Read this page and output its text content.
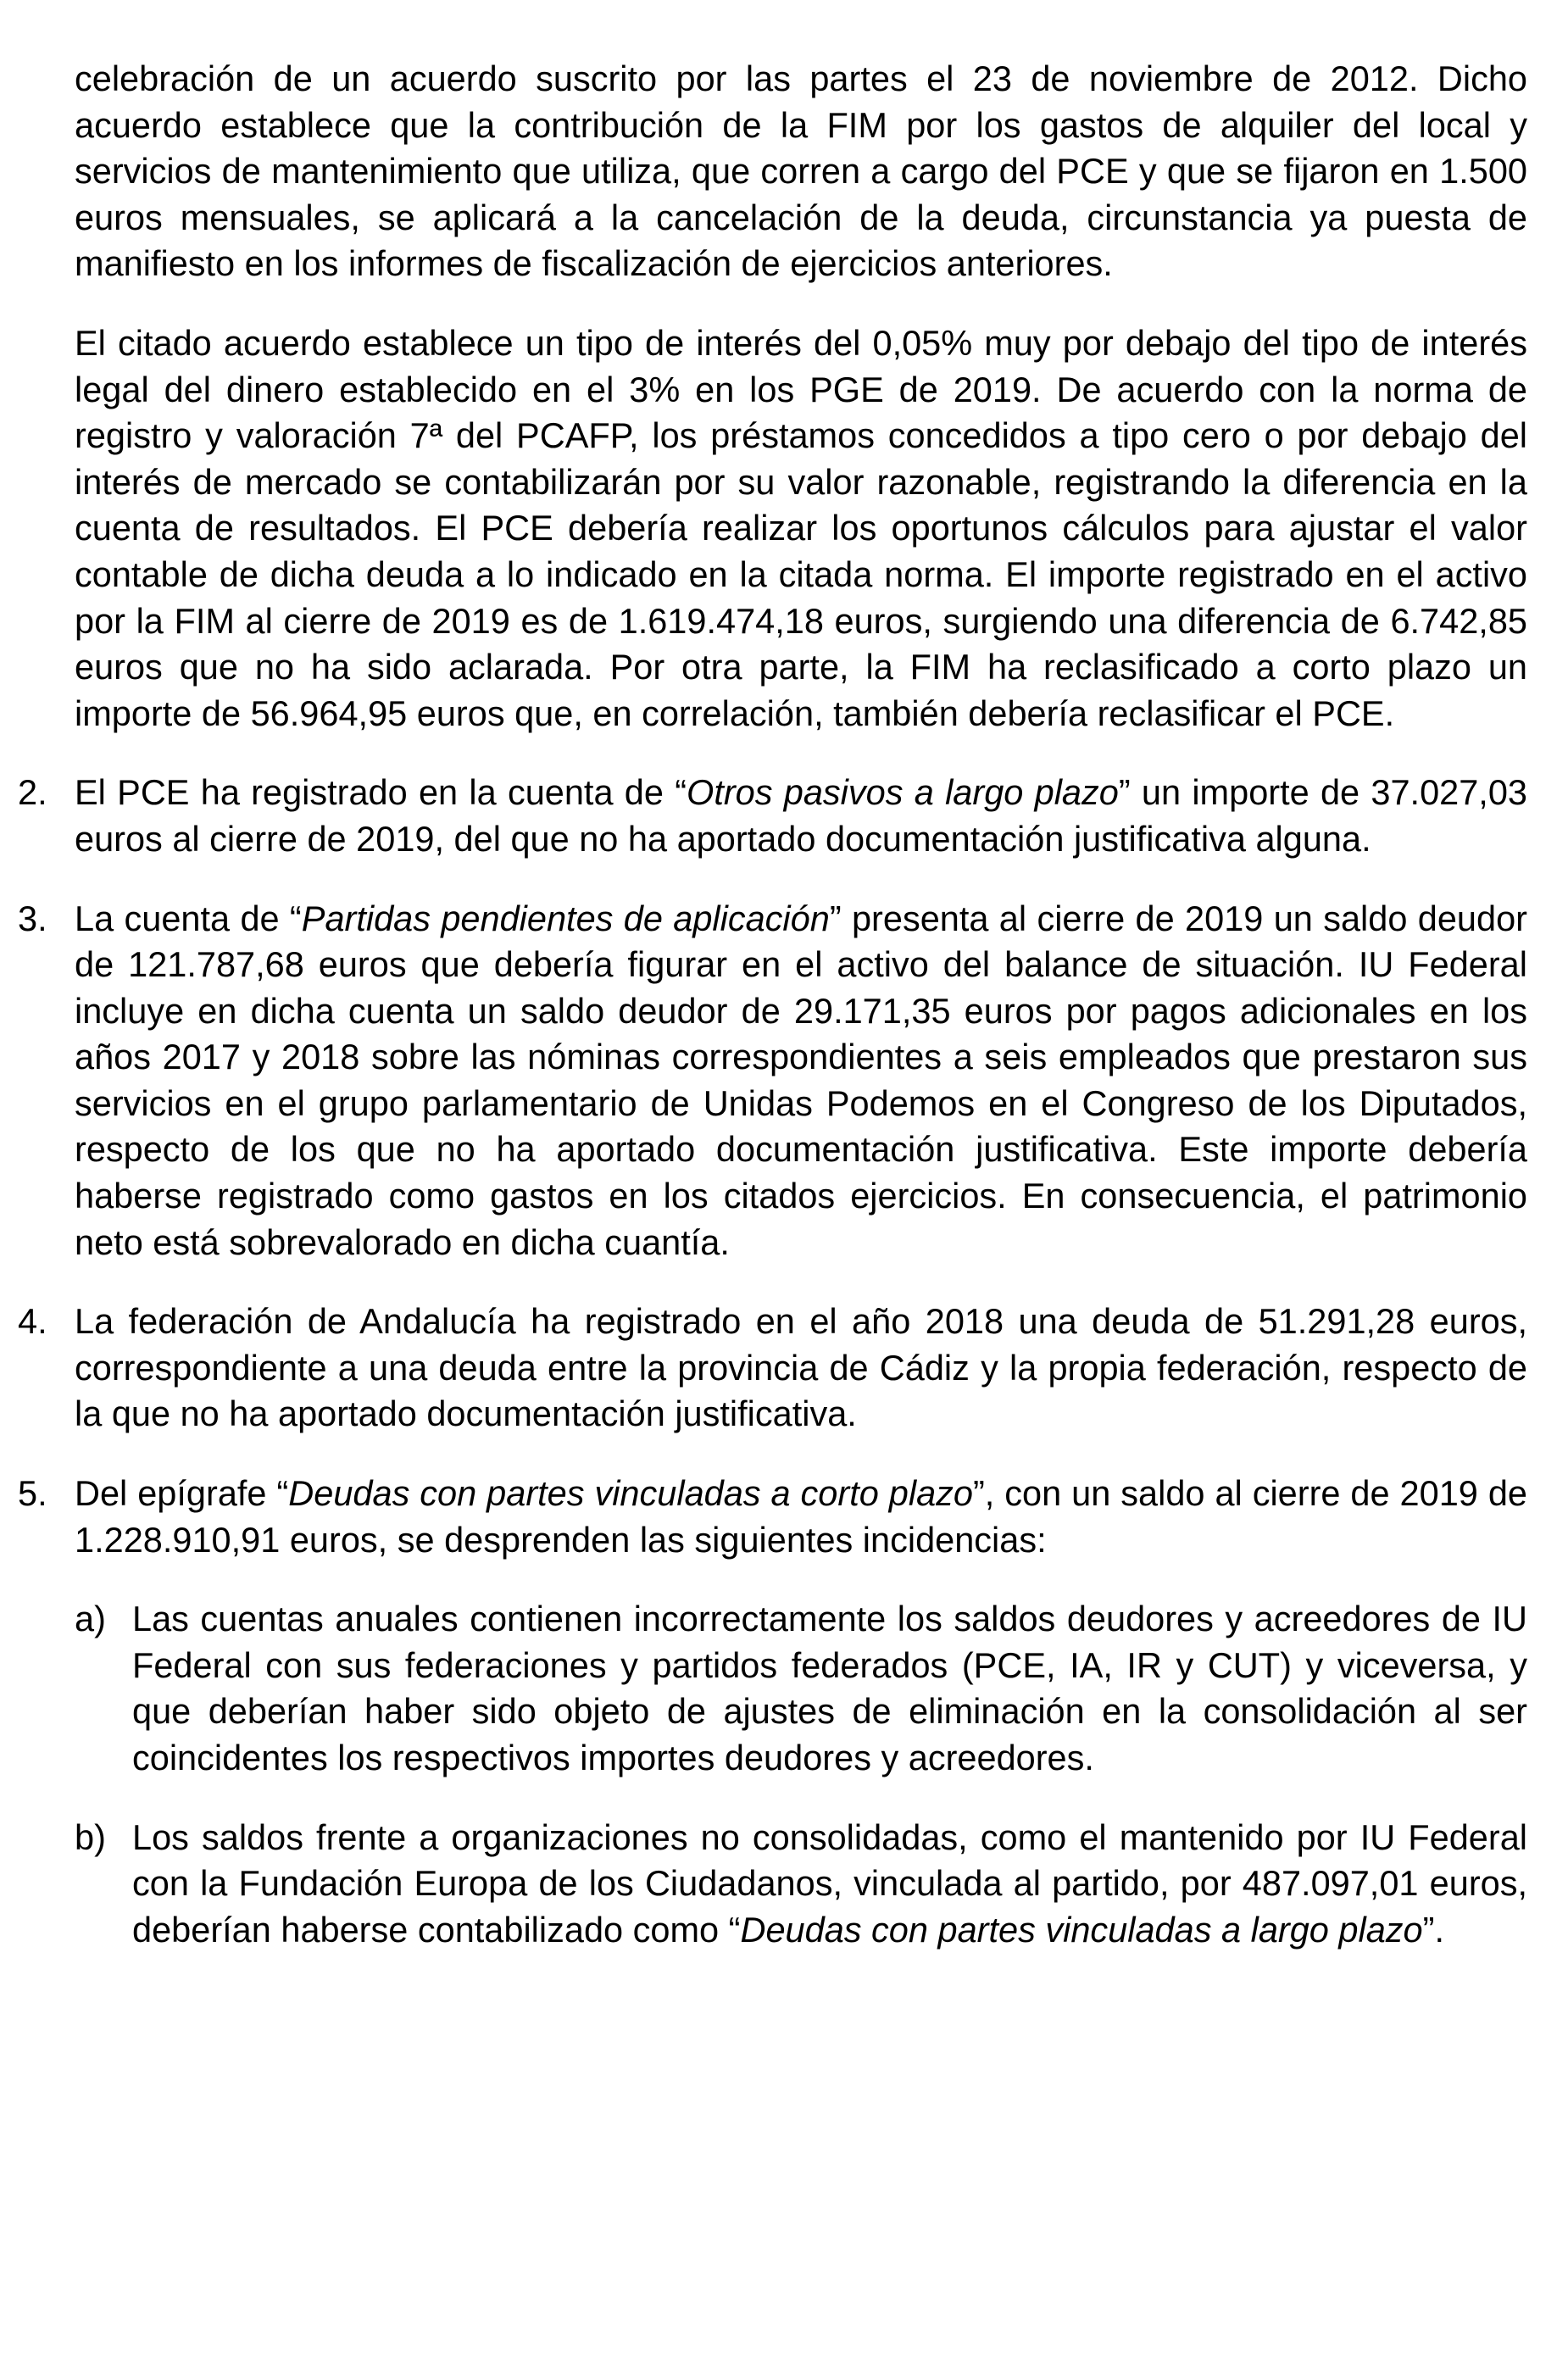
celebración de un acuerdo suscrito por las partes el 23 de noviembre de 2012. Dicho acuerdo establece que la contribución de la FIM por los gastos de alquiler del local y servicios de mantenimiento que utiliza, que corren a cargo del PCE y que se fijaron en 1.500 euros mensuales, se aplicará a la cancelación de la deuda, circunstancia ya puesta de manifiesto en los informes de fiscalización de ejercicios anteriores.

El citado acuerdo establece un tipo de interés del 0,05% muy por debajo del tipo de interés legal del dinero establecido en el 3% en los PGE de 2019. De acuerdo con la norma de registro y valoración 7ª del PCAFP, los préstamos concedidos a tipo cero o por debajo del interés de mercado se contabilizarán por su valor razonable, registrando la diferencia en la cuenta de resultados. El PCE debería realizar los oportunos cálculos para ajustar el valor contable de dicha deuda a lo indicado en la citada norma. El importe registrado en el activo por la FIM al cierre de 2019 es de 1.619.474,18 euros, surgiendo una diferencia de 6.742,85 euros que no ha sido aclarada. Por otra parte, la FIM ha reclasificado a corto plazo un importe de 56.964,95 euros que, en correlación, también debería reclasificar el PCE.

2. El PCE ha registrado en la cuenta de “Otros pasivos a largo plazo” un importe de 37.027,03 euros al cierre de 2019, del que no ha aportado documentación justificativa alguna.

3. La cuenta de “Partidas pendientes de aplicación” presenta al cierre de 2019 un saldo deudor de 121.787,68 euros que debería figurar en el activo del balance de situación. IU Federal incluye en dicha cuenta un saldo deudor de 29.171,35 euros por pagos adicionales en los años 2017 y 2018 sobre las nóminas correspondientes a seis empleados que prestaron sus servicios en el grupo parlamentario de Unidas Podemos en el Congreso de los Diputados, respecto de los que no ha aportado documentación justificativa. Este importe debería haberse registrado como gastos en los citados ejercicios. En consecuencia, el patrimonio neto está sobrevalorado en dicha cuantía.

4. La federación de Andalucía ha registrado en el año 2018 una deuda de 51.291,28 euros, correspondiente a una deuda entre la provincia de Cádiz y la propia federación, respecto de la que no ha aportado documentación justificativa.

5. Del epígrafe “Deudas con partes vinculadas a corto plazo”, con un saldo al cierre de 2019 de 1.228.910,91 euros, se desprenden las siguientes incidencias:

a) Las cuentas anuales contienen incorrectamente los saldos deudores y acreedores de IU Federal con sus federaciones y partidos federados (PCE, IA, IR y CUT) y viceversa, y que deberían haber sido objeto de ajustes de eliminación en la consolidación al ser coincidentes los respectivos importes deudores y acreedores.

b) Los saldos frente a organizaciones no consolidadas, como el mantenido por IU Federal con la Fundación Europa de los Ciudadanos, vinculada al partido, por 487.097,01 euros, deberían haberse contabilizado como “Deudas con partes vinculadas a largo plazo”.
